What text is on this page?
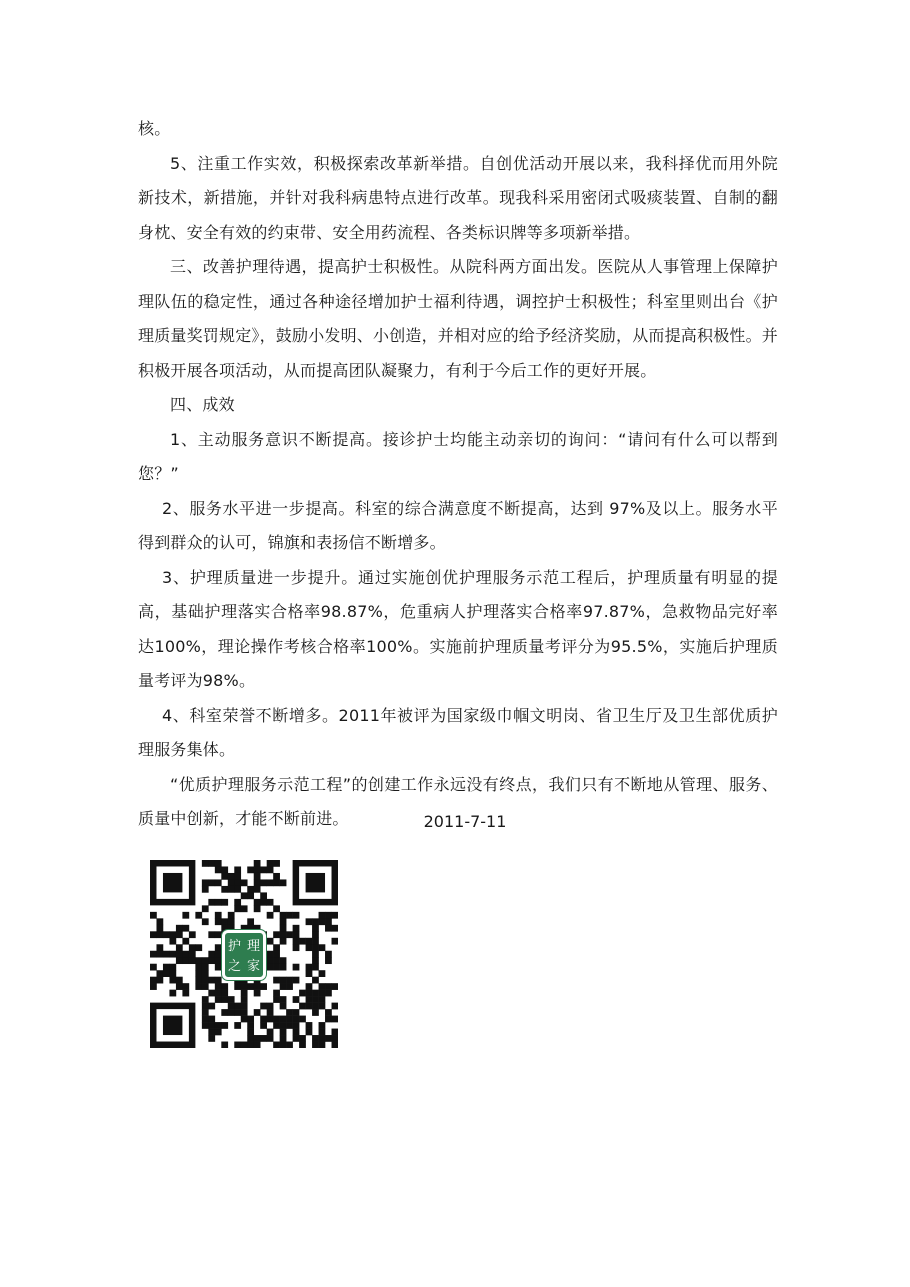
核。

5、注重工作实效，积极探索改革新举措。自创优活动开展以来，我科择优而用外院新技术，新措施，并针对我科病患特点进行改革。现我科采用密闭式吸痰装置、自制的翻身枕、安全有效的约束带、安全用药流程、各类标识牌等多项新举措。

三、改善护理待遇，提高护士积极性。从院科两方面出发。医院从人事管理上保障护理队伍的稳定性，通过各种途径增加护士福利待遇，调控护士积极性；科室里则出台《护理质量奖罚规定》，鼓励小发明、小创造，并相对应的给予经济奖励，从而提高积极性。并积极开展各项活动，从而提高团队凝聚力，有利于今后工作的更好开展。

四、成效

1、主动服务意识不断提高。接诊护士均能主动亲切的询问：“请问有什么可以帮到您？”

2、服务水平进一步提高。科室的综合满意度不断提高，达到 97%及以上。服务水平得到群众的认可，锦旗和表扬信不断增多。

3、护理质量进一步提升。通过实施创优护理服务示范工程后，护理质量有明显的提高，基础护理落实合格率98.87%，危重病人护理落实合格率97.87%，急救物品完好率达100%，理论操作考核合格率100%。实施前护理质量考评分为95.5%，实施后护理质量考评为98%。

4、科室荣誉不断增多。2011年被评为国家级巾帼文明岗、省卫生厅及卫生部优质护理服务集体。

“优质护理服务示范工程”的创建工作永远没有终点，我们只有不断地从管理、服务、质量中创新，才能不断前进。	2011-7-11
护 理
之 家
